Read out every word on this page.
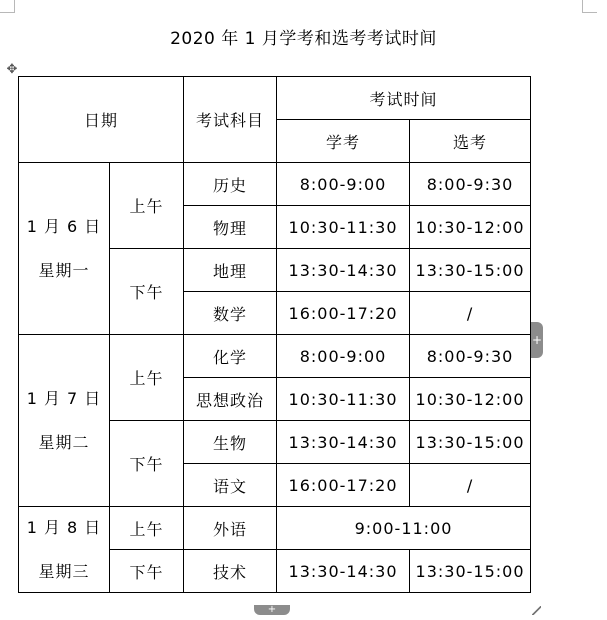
2020 年 1 月学考和选考考试时间
✥
日期		考试科目	考试时间	
			学考	选考
1 月 6 日
星期一	上午	历史	8:00-9:00	8:00-9:30
		物理	10:30-11:30	10:30-12:00
	下午	地理	13:30-14:30	13:30-15:00
		数学	16:00-17:20	/
1 月 7 日
星期二	上午	化学	8:00-9:00	8:00-9:30
		思想政治	10:30-11:30	10:30-12:00
	下午	生物	13:30-14:30	13:30-15:00
		语文	16:00-17:20	/
1 月 8 日
星期三	上午	外语	9:00-11:00	
	下午	技术	13:30-14:30	13:30-15:00
+
+
